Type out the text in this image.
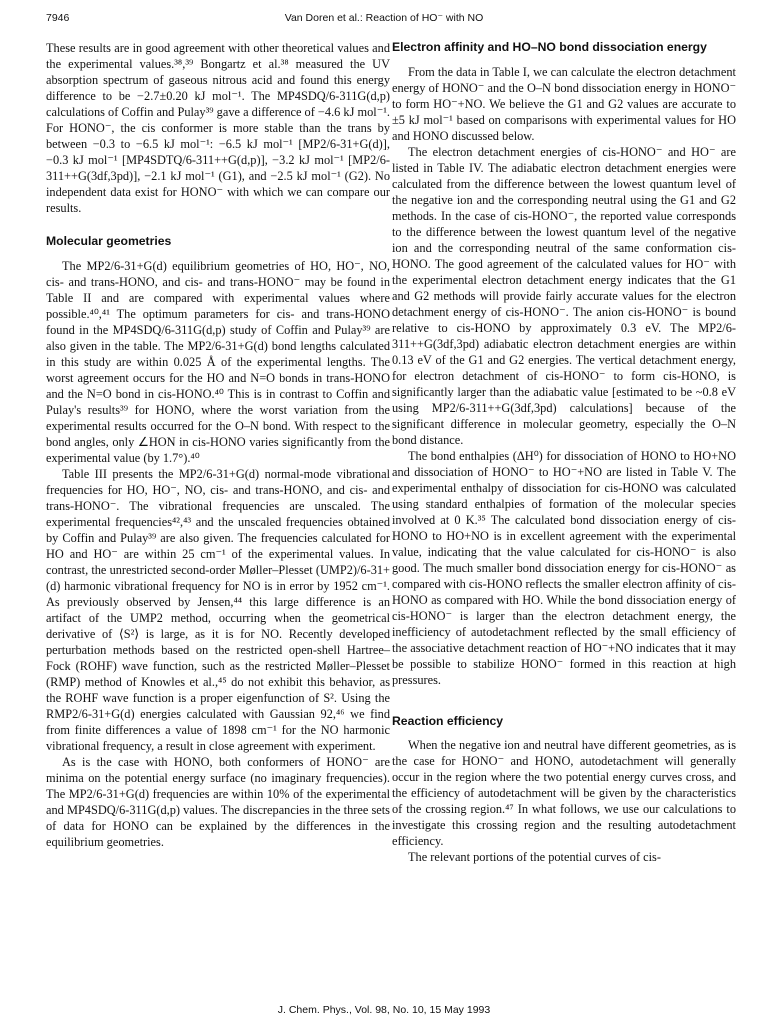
7946	Van Doren et al.: Reaction of HO⁻ with NO

These results are in good agreement with other theoretical values and the experimental values.³⁸,³⁹ Bongartz et al.³⁸ measured the UV absorption spectrum of gaseous nitrous acid and found this energy difference to be −2.7±0.20 kJ mol⁻¹. The MP4SDQ/6-311G(d,p) calculations of Coffin and Pulay³⁹ gave a difference of −4.6 kJ mol⁻¹. For HONO⁻, the cis conformer is more stable than the trans by between −0.3 to −6.5 kJ mol⁻¹: −6.5 kJ mol⁻¹ [MP2/6-31+G(d)], −0.3 kJ mol⁻¹ [MP4SDTQ/6-311++G(d,p)], −3.2 kJ mol⁻¹ [MP2/6-311++G(3df,3pd)], −2.1 kJ mol⁻¹ (G1), and −2.5 kJ mol⁻¹ (G2). No independent data exist for HONO⁻ with which we can compare our results.

Molecular geometries

The MP2/6-31+G(d) equilibrium geometries of HO, HO⁻, NO, cis- and trans-HONO, and cis- and trans-HONO⁻ may be found in Table II and are compared with experimental values where possible.⁴⁰,⁴¹ The optimum parameters for cis- and trans-HONO found in the MP4SDQ/6-311G(d,p) study of Coffin and Pulay³⁹ are also given in the table. The MP2/6-31+G(d) bond lengths calculated in this study are within 0.025 Å of the experimental lengths. The worst agreement occurs for the HO and N=O bonds in trans-HONO and the N=O bond in cis-HONO.⁴⁰ This is in contrast to Coffin and Pulay's results³⁹ for HONO, where the worst variation from the experimental results occurred for the O–N bond. With respect to the bond angles, only ∠HON in cis-HONO varies significantly from the experimental value (by 1.7°).⁴⁰

Table III presents the MP2/6-31+G(d) normal-mode vibrational frequencies for HO, HO⁻, NO, cis- and trans-HONO, and cis- and trans-HONO⁻. The vibrational frequencies are unscaled. The experimental frequencies⁴²,⁴³ and the unscaled frequencies obtained by Coffin and Pulay³⁹ are also given. The frequencies calculated for HO and HO⁻ are within 25 cm⁻¹ of the experimental values. In contrast, the unrestricted second-order Møller–Plesset (UMP2)/6-31+(d) harmonic vibrational frequency for NO is in error by 1952 cm⁻¹. As previously observed by Jensen,⁴⁴ this large difference is an artifact of the UMP2 method, occurring when the geometrical derivative of ⟨S²⟩ is large, as it is for NO. Recently developed perturbation methods based on the restricted open-shell Hartree–Fock (ROHF) wave function, such as the restricted Møller–Plesset (RMP) method of Knowles et al.,⁴⁵ do not exhibit this behavior, as the ROHF wave function is a proper eigenfunction of S². Using the RMP2/6-31+G(d) energies calculated with Gaussian 92,⁴⁶ we find from finite differences a value of 1898 cm⁻¹ for the NO harmonic vibrational frequency, a result in close agreement with experiment.

As is the case with HONO, both conformers of HONO⁻ are minima on the potential energy surface (no imaginary frequencies). The MP2/6-31+G(d) frequencies are within 10% of the experimental and MP4SDQ/6-311G(d,p) values. The discrepancies in the three sets of data for HONO can be explained by the differences in the equilibrium geometries.

Electron affinity and HO–NO bond dissociation energy

From the data in Table I, we can calculate the electron detachment energy of HONO⁻ and the O–N bond dissociation energy in HONO⁻ to form HO⁻+NO. We believe the G1 and G2 values are accurate to ±5 kJ mol⁻¹ based on comparisons with experimental values for HO and HONO discussed below.

The electron detachment energies of cis-HONO⁻ and HO⁻ are listed in Table IV. The adiabatic electron detachment energies were calculated from the difference between the lowest quantum level of the negative ion and the corresponding neutral using the G1 and G2 methods. In the case of cis-HONO⁻, the reported value corresponds to the difference between the lowest quantum level of the negative ion and the corresponding neutral of the same conformation cis-HONO. The good agreement of the calculated values for HO⁻ with the experimental electron detachment energy indicates that the G1 and G2 methods will provide fairly accurate values for the electron detachment energy of cis-HONO⁻. The anion cis-HONO⁻ is bound relative to cis-HONO by approximately 0.3 eV. The MP2/6-311++G(3df,3pd) adiabatic electron detachment energies are within 0.13 eV of the G1 and G2 energies. The vertical detachment energy, for electron detachment of cis-HONO⁻ to form cis-HONO, is significantly larger than the adiabatic value [estimated to be ~0.8 eV using MP2/6-311++G(3df,3pd) calculations] because of the significant difference in molecular geometry, especially the O–N bond distance.

The bond enthalpies (ΔH⁰) for dissociation of HONO to HO+NO and dissociation of HONO⁻ to HO⁻+NO are listed in Table V. The experimental enthalpy of dissociation for cis-HONO was calculated using standard enthalpies of formation of the molecular species involved at 0 K.³⁵ The calculated bond dissociation energy of cis-HONO to HO+NO is in excellent agreement with the experimental value, indicating that the value calculated for cis-HONO⁻ is also good. The much smaller bond dissociation energy for cis-HONO⁻ as compared with cis-HONO reflects the smaller electron affinity of cis-HONO as compared with HO. While the bond dissociation energy of cis-HONO⁻ is larger than the electron detachment energy, the inefficiency of autodetachment reflected by the small efficiency of the associative detachment reaction of HO⁻+NO indicates that it may be possible to stabilize HONO⁻ formed in this reaction at high pressures.

Reaction efficiency

When the negative ion and neutral have different geometries, as is the case for HONO⁻ and HONO, autodetachment will generally occur in the region where the two potential energy curves cross, and the efficiency of autodetachment will be given by the characteristics of the crossing region.⁴⁷ In what follows, we use our calculations to investigate this crossing region and the resulting autodetachment efficiency.

The relevant portions of the potential curves of cis-

J. Chem. Phys., Vol. 98, No. 10, 15 May 1993
